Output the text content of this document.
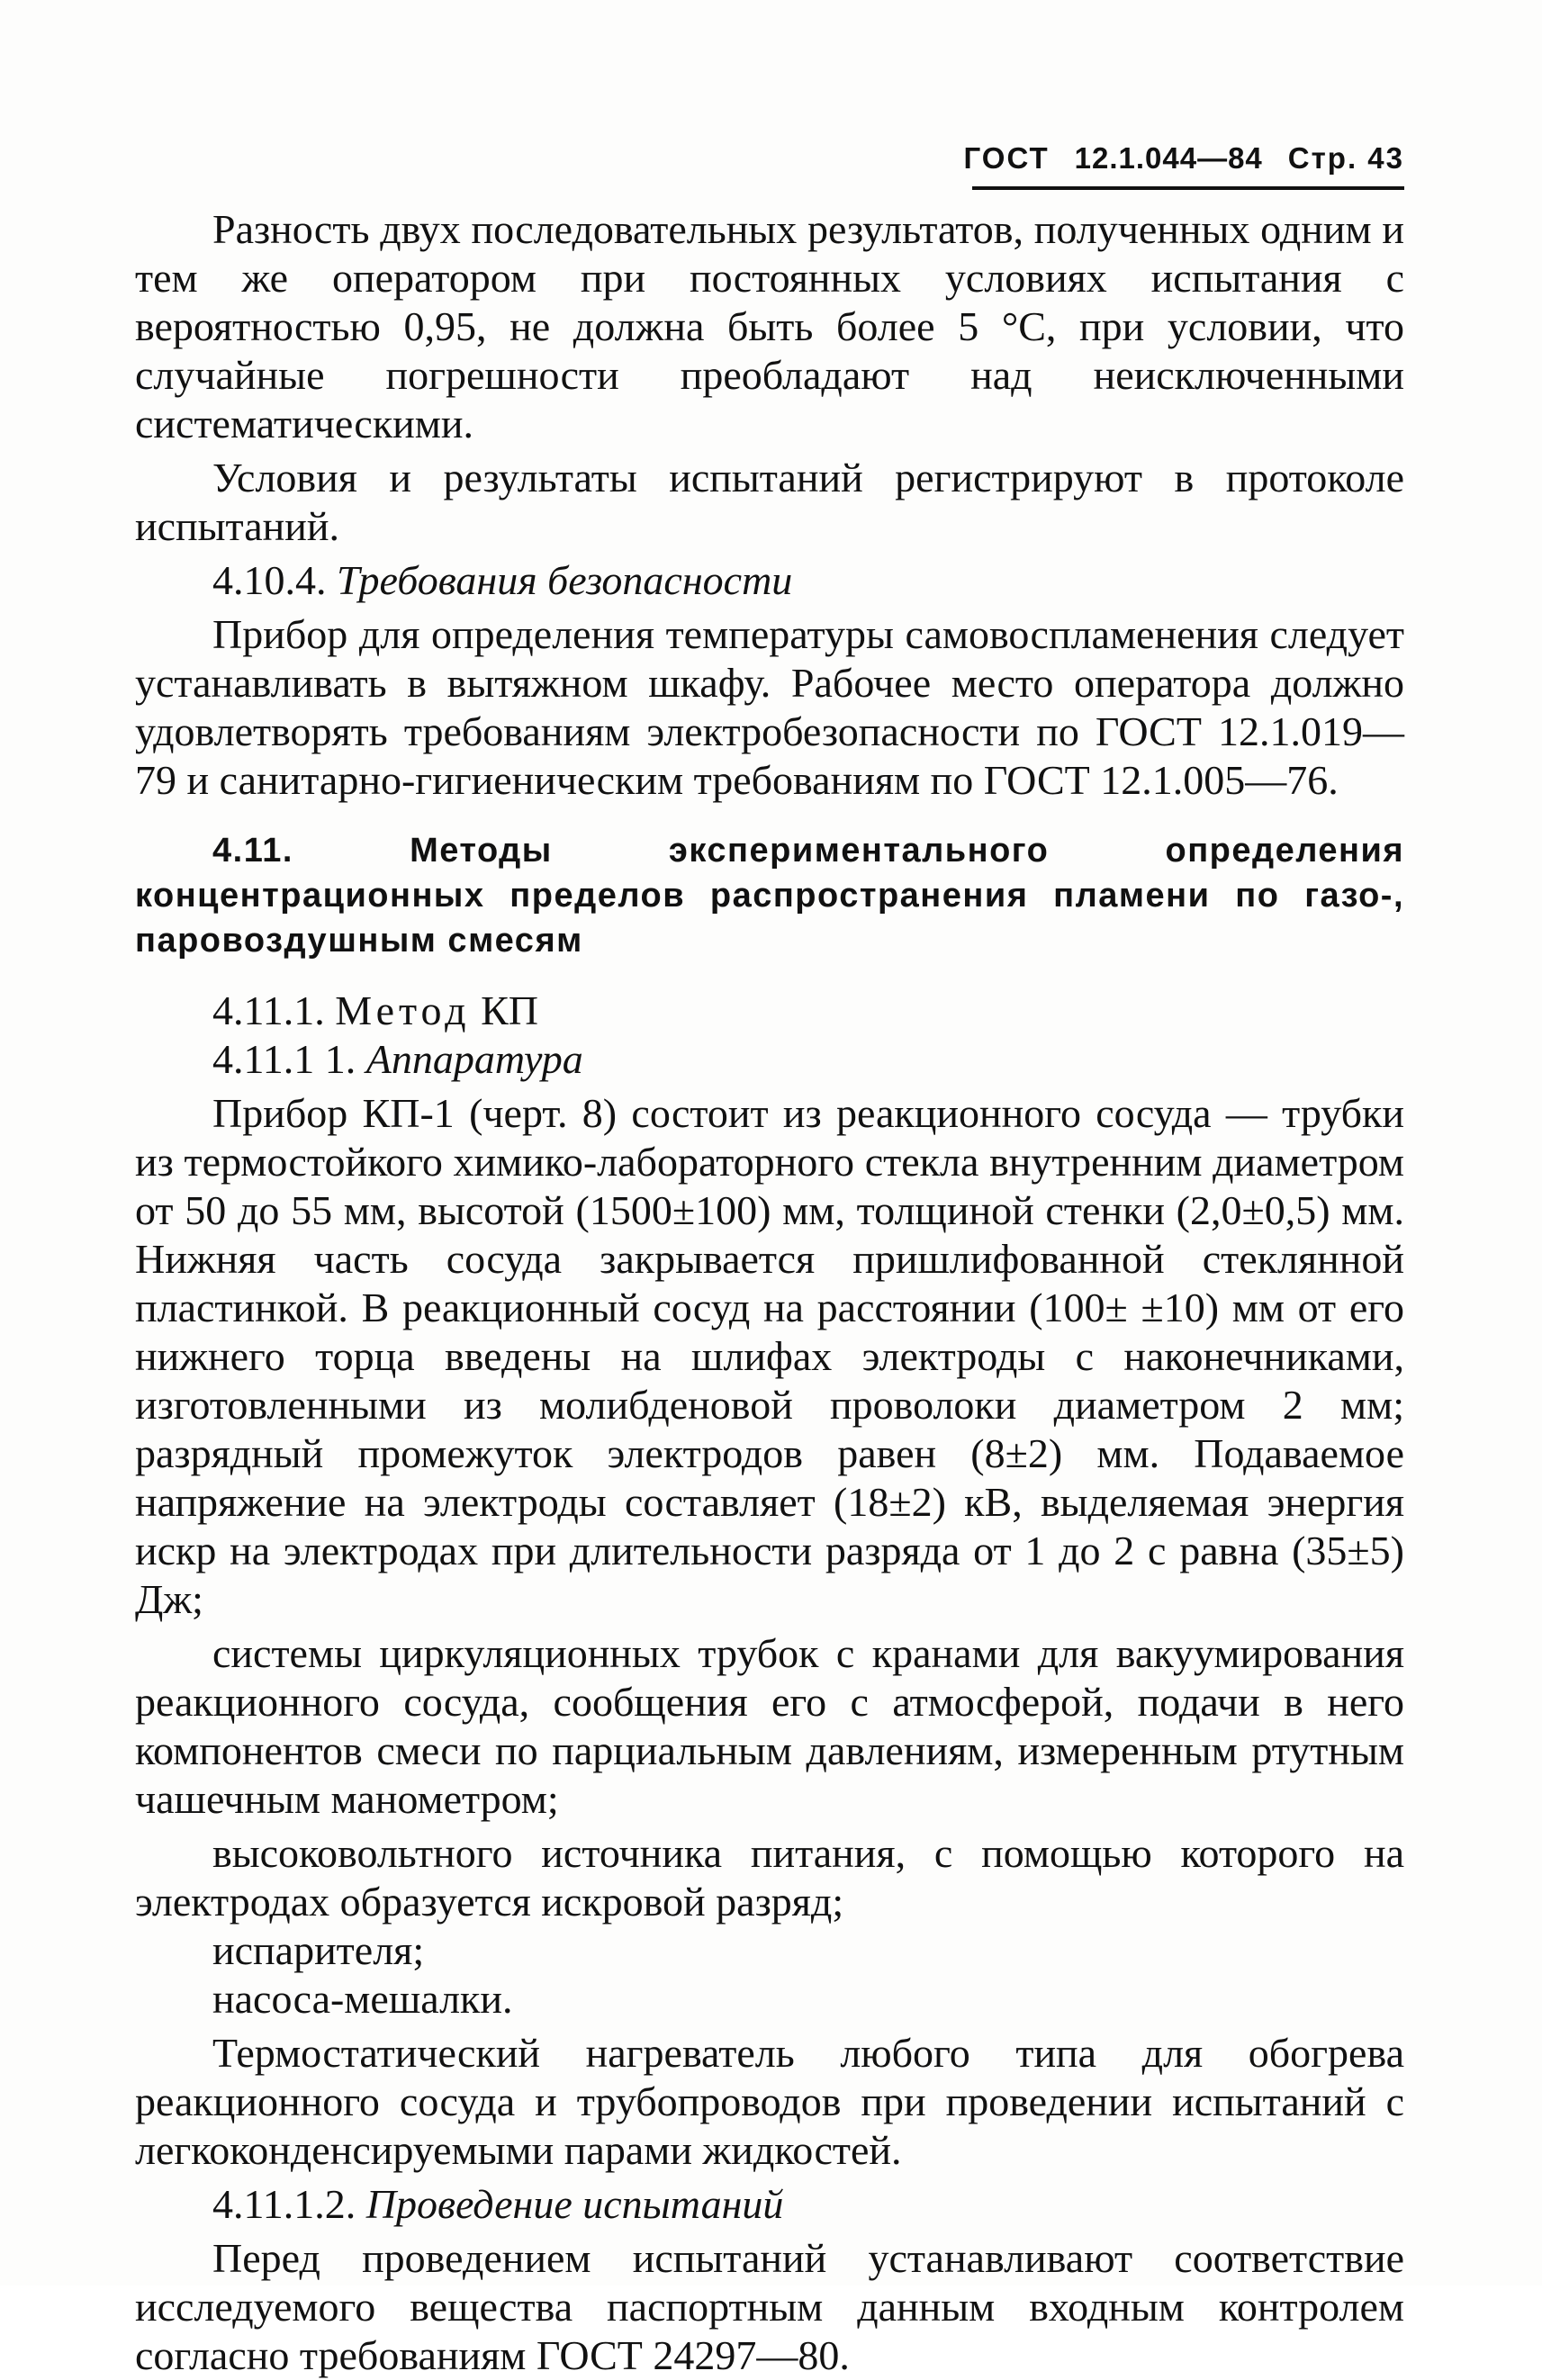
ГОСТ 12.1.044—84 Стр. 43

Разность двух последовательных результатов, полученных одним и тем же оператором при постоянных условиях испытания с вероятностью 0,95, не должна быть более 5 °С, при условии, что случайные погрешности преобладают над неисключенными систематическими.

Условия и результаты испытаний регистрируют в протоколе испытаний.

4.10.4. Требования безопасности

Прибор для определения температуры самовоспламенения следует устанавливать в вытяжном шкафу. Рабочее место оператора должно удовлетворять требованиям электробезопасности по ГОСТ 12.1.019—79 и санитарно-гигиеническим требованиям по ГОСТ 12.1.005—76.

4.11. Методы экспериментального определения концентрационных пределов распространения пламени по газо-, паровоздушным смесям

4.11.1. Метод КП

4.11.1 1. Аппаратура

Прибор КП-1 (черт. 8) состоит из реакционного сосуда — трубки из термостойкого химико-лабораторного стекла внутренним диаметром от 50 до 55 мм, высотой (1500±100) мм, толщиной стенки (2,0±0,5) мм. Нижняя часть сосуда закрывается пришлифованной стеклянной пластинкой. В реакционный сосуд на расстоянии (100± ±10) мм от его нижнего торца введены на шлифах электроды с наконечниками, изготовленными из молибденовой проволоки диаметром 2 мм; разрядный промежуток электродов равен (8±2) мм. Подаваемое напряжение на электроды составляет (18±2) кВ, выделяемая энергия искр на электродах при длительности разряда от 1 до 2 с равна (35±5) Дж;

системы циркуляционных трубок с кранами для вакуумирования реакционного сосуда, сообщения его с атмосферой, подачи в него компонентов смеси по парциальным давлениям, измеренным ртутным чашечным манометром;

высоковольтного источника питания, с помощью которого на электродах образуется искровой разряд;

испарителя;

насоса-мешалки.

Термостатический нагреватель любого типа для обогрева реакционного сосуда и трубопроводов при проведении испытаний с легкоконденсируемыми парами жидкостей.

4.11.1.2. Проведение испытаний

Перед проведением испытаний устанавливают соответствие исследуемого вещества паспортным данным входным контролем согласно требованиям ГОСТ 24297—80.
